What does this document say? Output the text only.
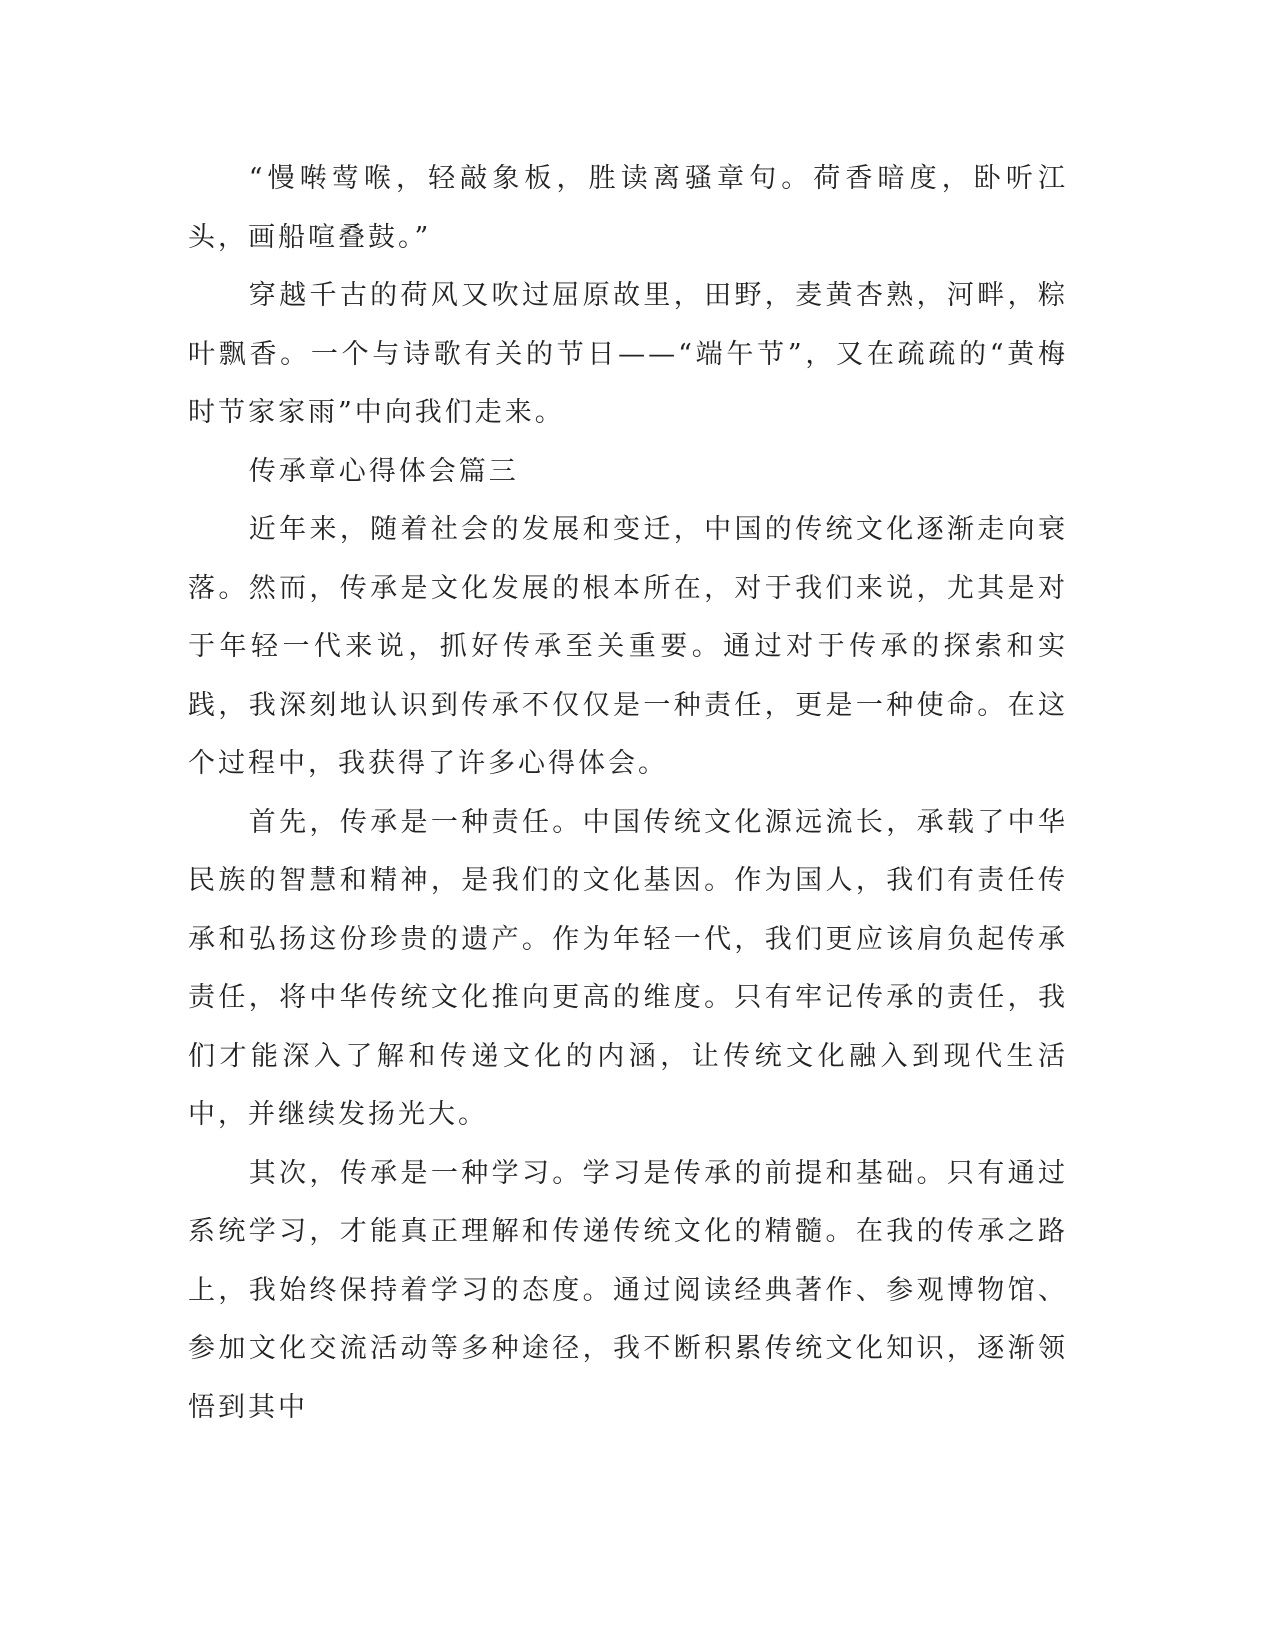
“慢啭莺喉，轻敲象板，胜读离骚章句。荷香暗度，卧听江头，画船喧叠鼓。”

穿越千古的荷风又吹过屈原故里，田野，麦黄杏熟，河畔，粽叶飘香。一个与诗歌有关的节日——“端午节”，又在疏疏的“黄梅时节家家雨”中向我们走来。

传承章心得体会篇三

近年来，随着社会的发展和变迁，中国的传统文化逐渐走向衰落。然而，传承是文化发展的根本所在，对于我们来说，尤其是对于年轻一代来说，抓好传承至关重要。通过对于传承的探索和实践，我深刻地认识到传承不仅仅是一种责任，更是一种使命。在这个过程中，我获得了许多心得体会。

首先，传承是一种责任。中国传统文化源远流长，承载了中华民族的智慧和精神，是我们的文化基因。作为国人，我们有责任传承和弘扬这份珍贵的遗产。作为年轻一代，我们更应该肩负起传承责任，将中华传统文化推向更高的维度。只有牢记传承的责任，我们才能深入了解和传递文化的内涵，让传统文化融入到现代生活中，并继续发扬光大。

其次，传承是一种学习。学习是传承的前提和基础。只有通过系统学习，才能真正理解和传递传统文化的精髓。在我的传承之路上，我始终保持着学习的态度。通过阅读经典著作、参观博物馆、参加文化交流活动等多种途径，我不断积累传统文化知识，逐渐领悟到其中
